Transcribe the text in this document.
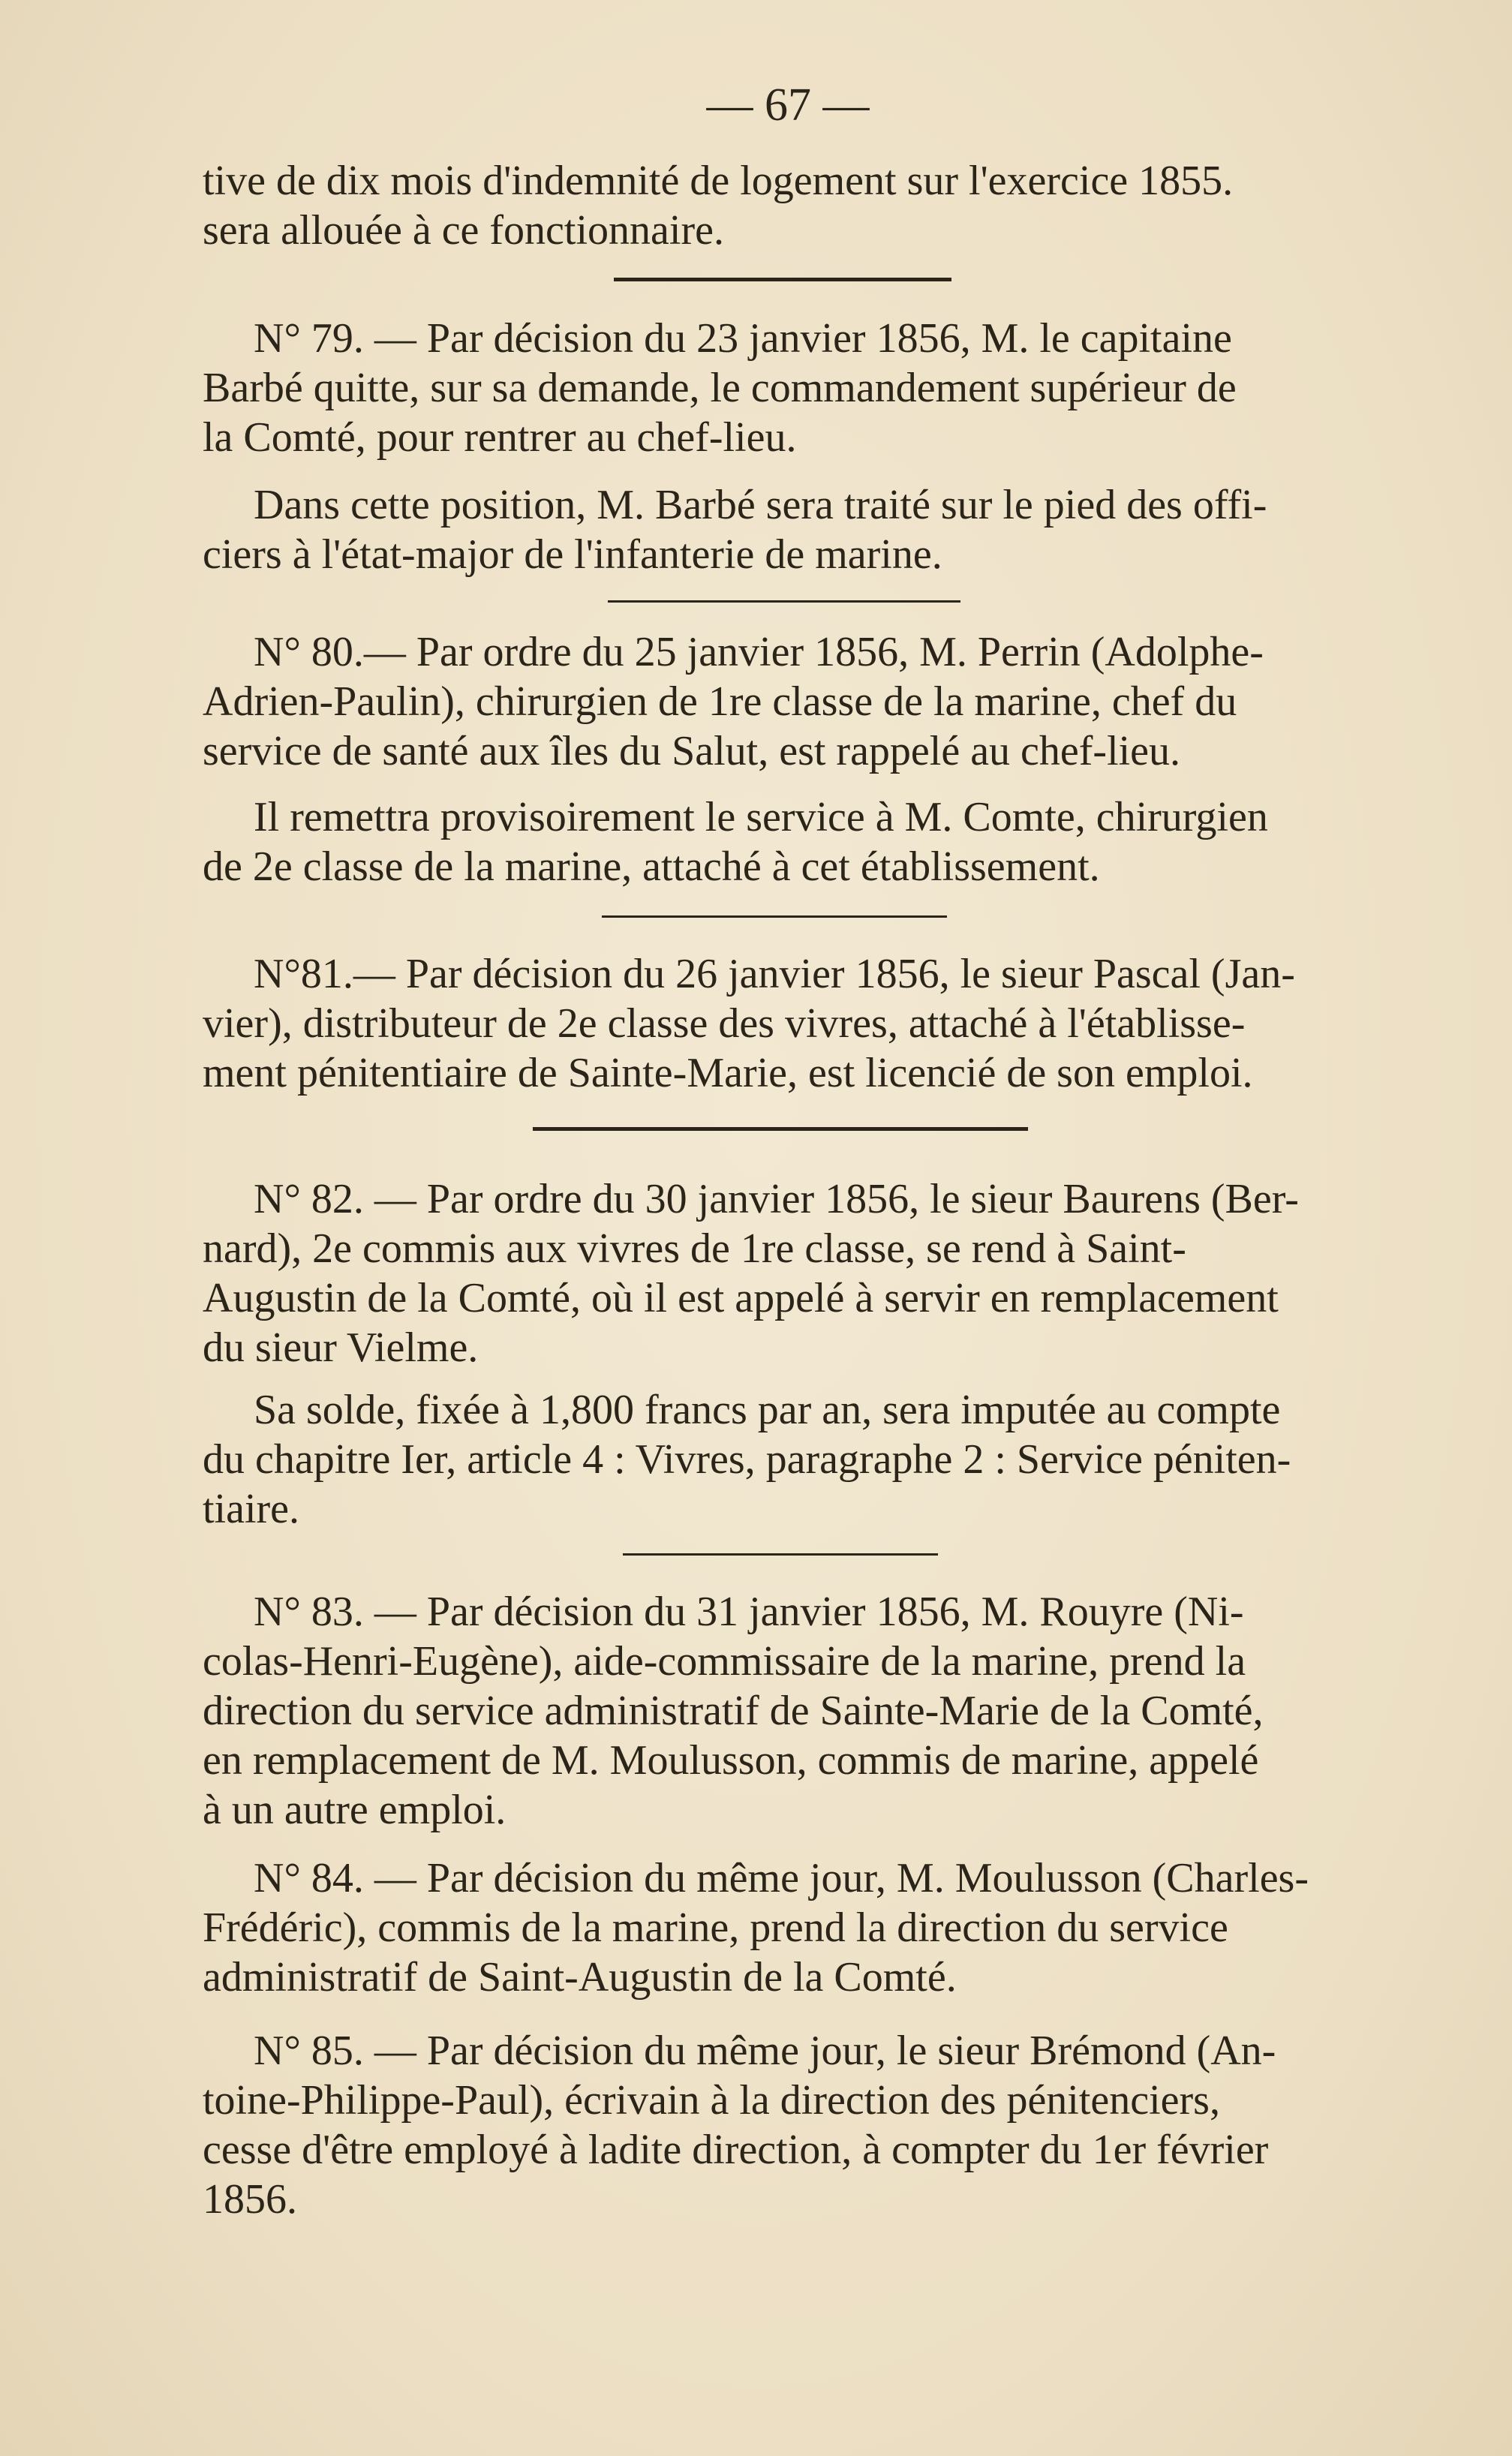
— 67 —
tive de dix mois d'indemnité de logement sur l'exercice 1855.
sera allouée à ce fonctionnaire.
N° 79. — Par décision du 23 janvier 1856, M. le capitaine
Barbé quitte, sur sa demande, le commandement supérieur de
la Comté, pour rentrer au chef-lieu.
Dans cette position, M. Barbé sera traité sur le pied des offi-
ciers à l'état-major de l'infanterie de marine.
N° 80.— Par ordre du 25 janvier 1856, M. Perrin (Adolphe-
Adrien-Paulin), chirurgien de 1re classe de la marine, chef du
service de santé aux îles du Salut, est rappelé au chef-lieu.
Il remettra provisoirement le service à M. Comte, chirurgien
de 2e classe de la marine, attaché à cet établissement.
N°81.— Par décision du 26 janvier 1856, le sieur Pascal (Jan-
vier), distributeur de 2e classe des vivres, attaché à l'établisse-
ment pénitentiaire de Sainte-Marie, est licencié de son emploi.
N° 82. — Par ordre du 30 janvier 1856, le sieur Baurens (Ber-
nard), 2e commis aux vivres de 1re classe, se rend à Saint-
Augustin de la Comté, où il est appelé à servir en remplacement
du sieur Vielme.
Sa solde, fixée à 1,800 francs par an, sera imputée au compte
du chapitre Ier, article 4 : Vivres, paragraphe 2 : Service péniten-
tiaire.
N° 83. — Par décision du 31 janvier 1856, M. Rouyre (Ni-
colas-Henri-Eugène), aide-commissaire de la marine, prend la
direction du service administratif de Sainte-Marie de la Comté,
en remplacement de M. Moulusson, commis de marine, appelé
à un autre emploi.
N° 84. — Par décision du même jour, M. Moulusson (Charles-
Frédéric), commis de la marine, prend la direction du service
administratif de Saint-Augustin de la Comté.
N° 85. — Par décision du même jour, le sieur Brémond (An-
toine-Philippe-Paul), écrivain à la direction des pénitenciers,
cesse d'être employé à ladite direction, à compter du 1er février
1856.
